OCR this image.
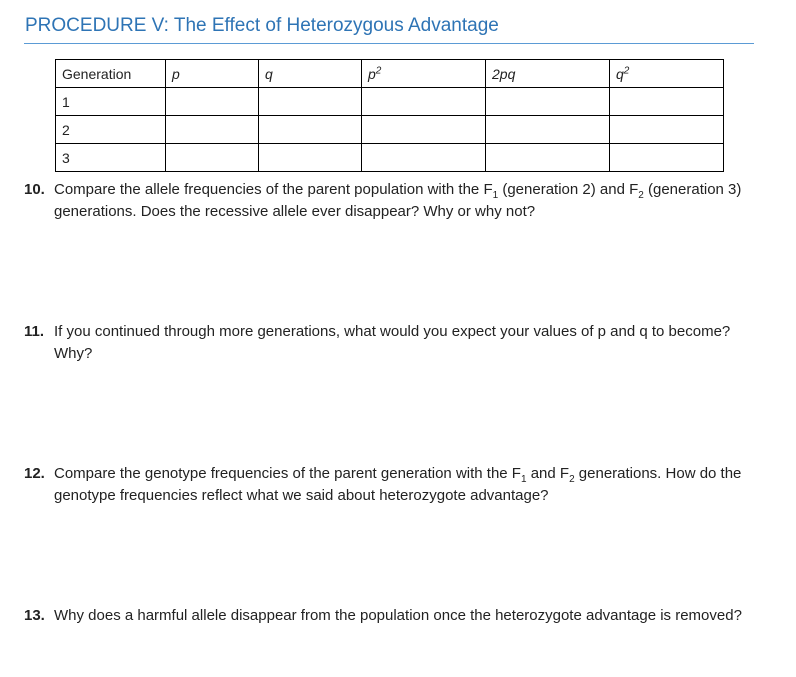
PROCEDURE V: The Effect of Heterozygous Advantage
Generation	p	q	$p^2$	2pq	$q^2$
1					
2					
3					
10. Compare the allele frequencies of the parent population with the $F_1$ (generation 2) and $F_2$ (generation 3) generations. Does the recessive allele ever disappear? Why or why not?
11. If you continued through more generations, what would you expect your values of p and q to become? Why?
12. Compare the genotype frequencies of the parent generation with the $F_1$ and $F_2$ generations. How do the genotype frequencies reflect what we said about heterozygote advantage?
13. Why does a harmful allele disappear from the population once the heterozygote advantage is removed?
